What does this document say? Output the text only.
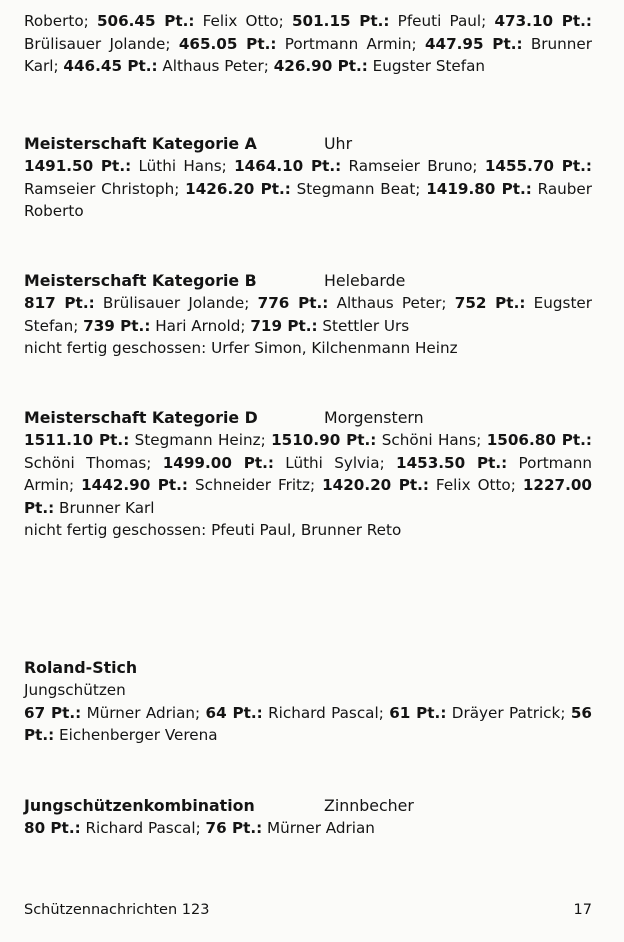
Roberto; 506.45 Pt.: Felix Otto; 501.15 Pt.: Pfeuti Paul; 473.10 Pt.: Brülisauer Jolande; 465.05 Pt.: Portmann Armin; 447.95 Pt.: Brunner Karl; 446.45 Pt.: Althaus Peter; 426.90 Pt.: Eugster Stefan

Meisterschaft Kategorie A	Uhr

1491.50 Pt.: Lüthi Hans; 1464.10 Pt.: Ramseier Bruno; 1455.70 Pt.: Ramseier Christoph; 1426.20 Pt.: Stegmann Beat; 1419.80 Pt.: Rauber Roberto

Meisterschaft Kategorie B	Helebarde

817 Pt.: Brülisauer Jolande; 776 Pt.: Althaus Peter; 752 Pt.: Eugster Stefan; 739 Pt.: Hari Arnold; 719 Pt.: Stettler Urs

nicht fertig geschossen: Urfer Simon, Kilchenmann Heinz
Meisterschaft Kategorie D	Morgenstern

1511.10 Pt.: Stegmann Heinz; 1510.90 Pt.: Schöni Hans; 1506.80 Pt.: Schöni Thomas; 1499.00 Pt.: Lüthi Sylvia; 1453.50 Pt.: Portmann Armin; 1442.90 Pt.: Schneider Fritz; 1420.20 Pt.: Felix Otto; 1227.00 Pt.: Brunner Karl

nicht fertig geschossen: Pfeuti Paul, Brunner Reto
Roland-Stich
Jungschützen

67 Pt.: Mürner Adrian; 64 Pt.: Richard Pascal; 61 Pt.: Dräyer Patrick; 56 Pt.: Eichenberger Verena

Jungschützenkombination	Zinnbecher

80 Pt.: Richard Pascal; 76 Pt.: Mürner Adrian

Schützennachrichten 123	17
